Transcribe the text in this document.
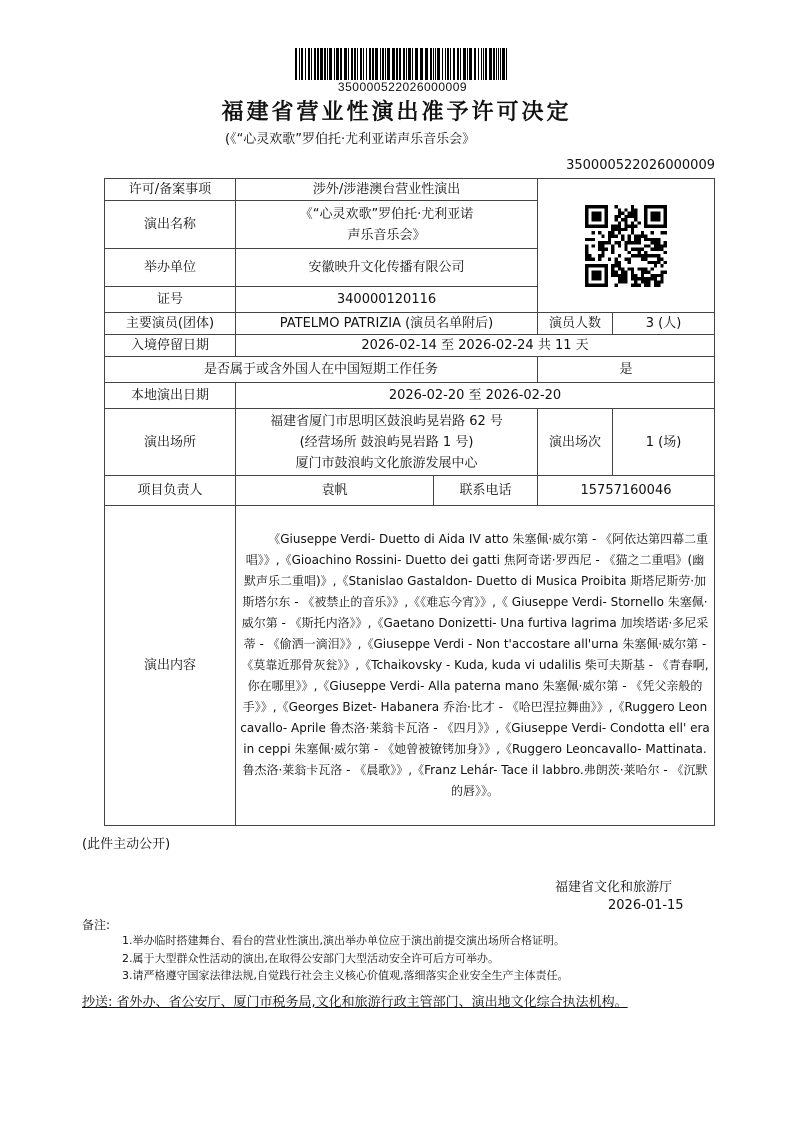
350000522026000009
福建省营业性演出准予许可决定
(《“心灵欢歌”罗伯托·尤利亚诺声乐音乐会》
350000522026000009
许可/备案事项	涉外/涉港澳台营业性演出	

演出名称	《“心灵欢歌”罗伯托·尤利亚诺
声乐音乐会》			

举办单位	安徽映升文化传播有限公司			
证号	340000120116			
主要演员(团体)	PATELMO PATRIZIA (演员名单附后)		演员人数	3 (人)
入境停留日期	2026-02-14 至 2026-02-24 共 11 天			
是否属于或含外国人在中国短期工作任务			是	
本地演出日期	2026-02-20 至 2026-02-20			
演出场所	福建省厦门市思明区鼓浪屿晃岩路 62 号
(经营场所 鼓浪屿晃岩路 1 号)
厦门市鼓浪屿文化旅游发展中心		演出场次	1 (场)
项目负责人	袁帆	联系电话	15757160046	
演出内容	《Giuseppe Verdi- Duetto di Aida IV atto 朱塞佩·威尔第 - 《阿依达第四幕二重唱》》,《Gioachino Rossini- Duetto dei gatti 焦阿奇诺·罗西尼 - 《猫之二重唱》(幽默声乐二重唱)》,《Stanislao Gastaldon- Duetto di Musica Proibita 斯塔尼斯劳·加斯塔尔东 - 《被禁止的音乐》》,《《难忘今宵》》,《 Giuseppe Verdi- Stornello 朱塞佩·威尔第 - 《斯托内洛》》,《Gaetano Donizetti- Una furtiva lagrima 加埃塔诺·多尼采蒂 - 《偷洒一滴泪》》,《Giuseppe Verdi - Non t'accostare all'urna 朱塞佩·威尔第 - 《莫靠近那骨灰瓮》》,《Tchaikovsky - Kuda, kuda vi udalilis 柴可夫斯基 - 《青春啊,你在哪里》》,《Giuseppe Verdi- Alla paterna mano 朱塞佩·威尔第 - 《凭父亲般的手》》,《Georges Bizet- Habanera 乔治·比才 - 《哈巴涅拉舞曲》》,《Ruggero Leoncavallo- Aprile 鲁杰洛·莱翁卡瓦洛 - 《四月》》,《Giuseppe Verdi- Condotta ell' era in ceppi 朱塞佩·威尔第 - 《她曾被镣铐加身》》,《Ruggero Leoncavallo- Mattinata. 鲁杰洛·莱翁卡瓦洛 - 《晨歌》》,《Franz Lehár- Tace il labbro.弗朗茨·莱哈尔 - 《沉默的唇》》。			
(此件主动公开)
福建省文化和旅游厅
2026-01-15
备注:
1.举办临时搭建舞台、看台的营业性演出,演出举办单位应于演出前提交演出场所合格证明。
2.属于大型群众性活动的演出,在取得公安部门大型活动安全许可后方可举办。
3.请严格遵守国家法律法规,自觉践行社会主义核心价值观,落细落实企业安全生产主体责任。
抄送: 省外办、省公安厅、厦门市税务局,文化和旅游行政主管部门、演出地文化综合执法机构。
